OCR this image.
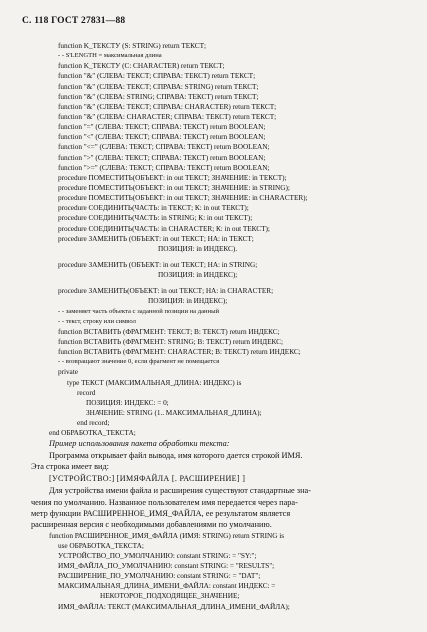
С. 118 ГОСТ 27831—88
function K_ТЕКСТУ (S: STRING) return ТЕКСТ;
- - S'LENGTH = максимальная длина
function K_ТЕКСТУ (С: CHARACTER) return ТЕКСТ;
function "&" (СЛЕВА: ТЕКСТ; СПРАВА: ТЕКСТ) return ТЕКСТ;
function "&" (СЛЕВА: ТЕКСТ; СПРАВА: STRING) return ТЕКСТ;
function "&" (СЛЕВА: STRING; СПРАВА: ТЕКСТ) return ТЕКСТ;
function "&" (СЛЕВА: ТЕКСТ; СПРАВА: CHARACTER) return ТЕКСТ;
function "&" (СЛЕВА: CHARACTER; СПРАВА: ТЕКСТ) return ТЕКСТ;
function "=" (СЛЕВА: ТЕКСТ; СПРАВА: ТЕКСТ) return BOOLEAN;
function "<" (СЛЕВА: ТЕКСТ; СПРАВА: ТЕКСТ) return BOOLEAN;
function "<=" (СЛЕВА: ТЕКСТ; СПРАВА: ТЕКСТ) return BOOLEAN;
function ">" (СЛЕВА: ТЕКСТ; СПРАВА: ТЕКСТ) return BOOLEAN;
function ">=" (СЛЕВА: ТЕКСТ; СПРАВА: ТЕКСТ) return BOOLEAN;
procedure ПОМЕСТИТЬ(ОБЪЕКТ: in out ТЕКСТ; ЗНАЧЕНИЕ: in ТЕКСТ);
procedure ПОМЕСТИТЬ(ОБЪЕКТ: in out ТЕКСТ; ЗНАЧЕНИЕ: in STRING);
procedure ПОМЕСТИТЬ(ОБЪЕКТ: in out ТЕКСТ; ЗНАЧЕНИЕ: in CHARACTER);
procedure СОЕДИНИТЬ(ЧАСТЬ: in ТЕКСТ; К: in out ТЕКСТ);
procedure СОЕДИНИТЬ(ЧАСТЬ: in STRING; К: in out ТЕКСТ);
procedure СОЕДИНИТЬ(ЧАСТЬ: in CHARACTER; К: in out ТЕКСТ);
procedure ЗАМЕНИТЬ (ОБЪЕКТ: in out ТЕКСТ; НА: in ТЕКСТ;
ПОЗИЦИЯ: in ИНДЕКС).
procedure ЗАМЕНИТЬ (ОБЪЕКТ: in out ТЕКСТ; НА: in STRING;
ПОЗИЦИЯ: in ИНДЕКС);
procedure ЗАМЕНИТЬ(ОБЪЕКТ: in out ТЕКСТ; НА: in CHARACTER;
ПОЗИЦИЯ: in ИНДЕКС);
- - заменяет часть объекта с заданной позиции на данный
- - текст, строку или символ
function ВСТАВИТЬ (ФРАГМЕНТ: ТЕКСТ; В: ТЕКСТ) return ИНДЕКС;
function ВСТАВИТЬ (ФРАГМЕНТ: STRING; В: ТЕКСТ) return ИНДЕКС;
function ВСТАВИТЬ (ФРАГМЕНТ: CHARACTER; В: ТЕКСТ) return ИНДЕКС;
- - возвращают значение 0, если фрагмент не помещается
private
type ТЕКСТ (МАКСИМАЛЬНАЯ_ДЛИНА: ИНДЕКС) is
record
ПОЗИЦИЯ: ИНДЕКС: = 0;
ЗНАЧЕНИЕ: STRING (1.. МАКСИМАЛЬНАЯ_ДЛИНА);
end record;
end ОБРАБОТКА_ТЕКСТА;
Пример использования пакета обработки текста:
Программа открывает файл вывода, имя которого дается строкой ИМЯ.
Эта строка имеет вид:
[УСТРОЙСТВО:] [ИМЯФАЙЛА [. РАСШИРЕНИЕ] ]
Для устройства имени файла и расширения существуют стандартные зна-
чения по умолчанию. Названное пользователем имя передается через пара-
метр функции РАСШИРЕННОЕ_ИМЯ_ФАЙЛА, ее результатом является
расширенная версия с необходимыми добавлениями по умолчанию.
function РАСШИРЕННОЕ_ИМЯ_ФАЙЛА (ИМЯ: STRING) return STRING is
use ОБРАБОТКА_ТЕКСТА;
УСТРОЙСТВО_ПО_УМОЛЧАНИЮ: constant STRING: = "SY:";
ИМЯ_ФАЙЛА_ПО_УМОЛЧАНИЮ: constant STRING: = "RESULTS";
РАСШИРЕНИЕ_ПО_УМОЛЧАНИЮ: constant STRING: = "DAT";
МАКСИМАЛЬНАЯ_ДЛИНА_ИМЕНИ_ФАЙЛА: constant ИНДЕКС: =
НЕКОТОРОЕ_ПОДХОДЯЩЕЕ_ЗНАЧЕНИЕ;
ИМЯ_ФАЙЛА: ТЕКСТ (МАКСИМАЛЬНАЯ_ДЛИНА_ИМЕНИ_ФАЙЛА);
